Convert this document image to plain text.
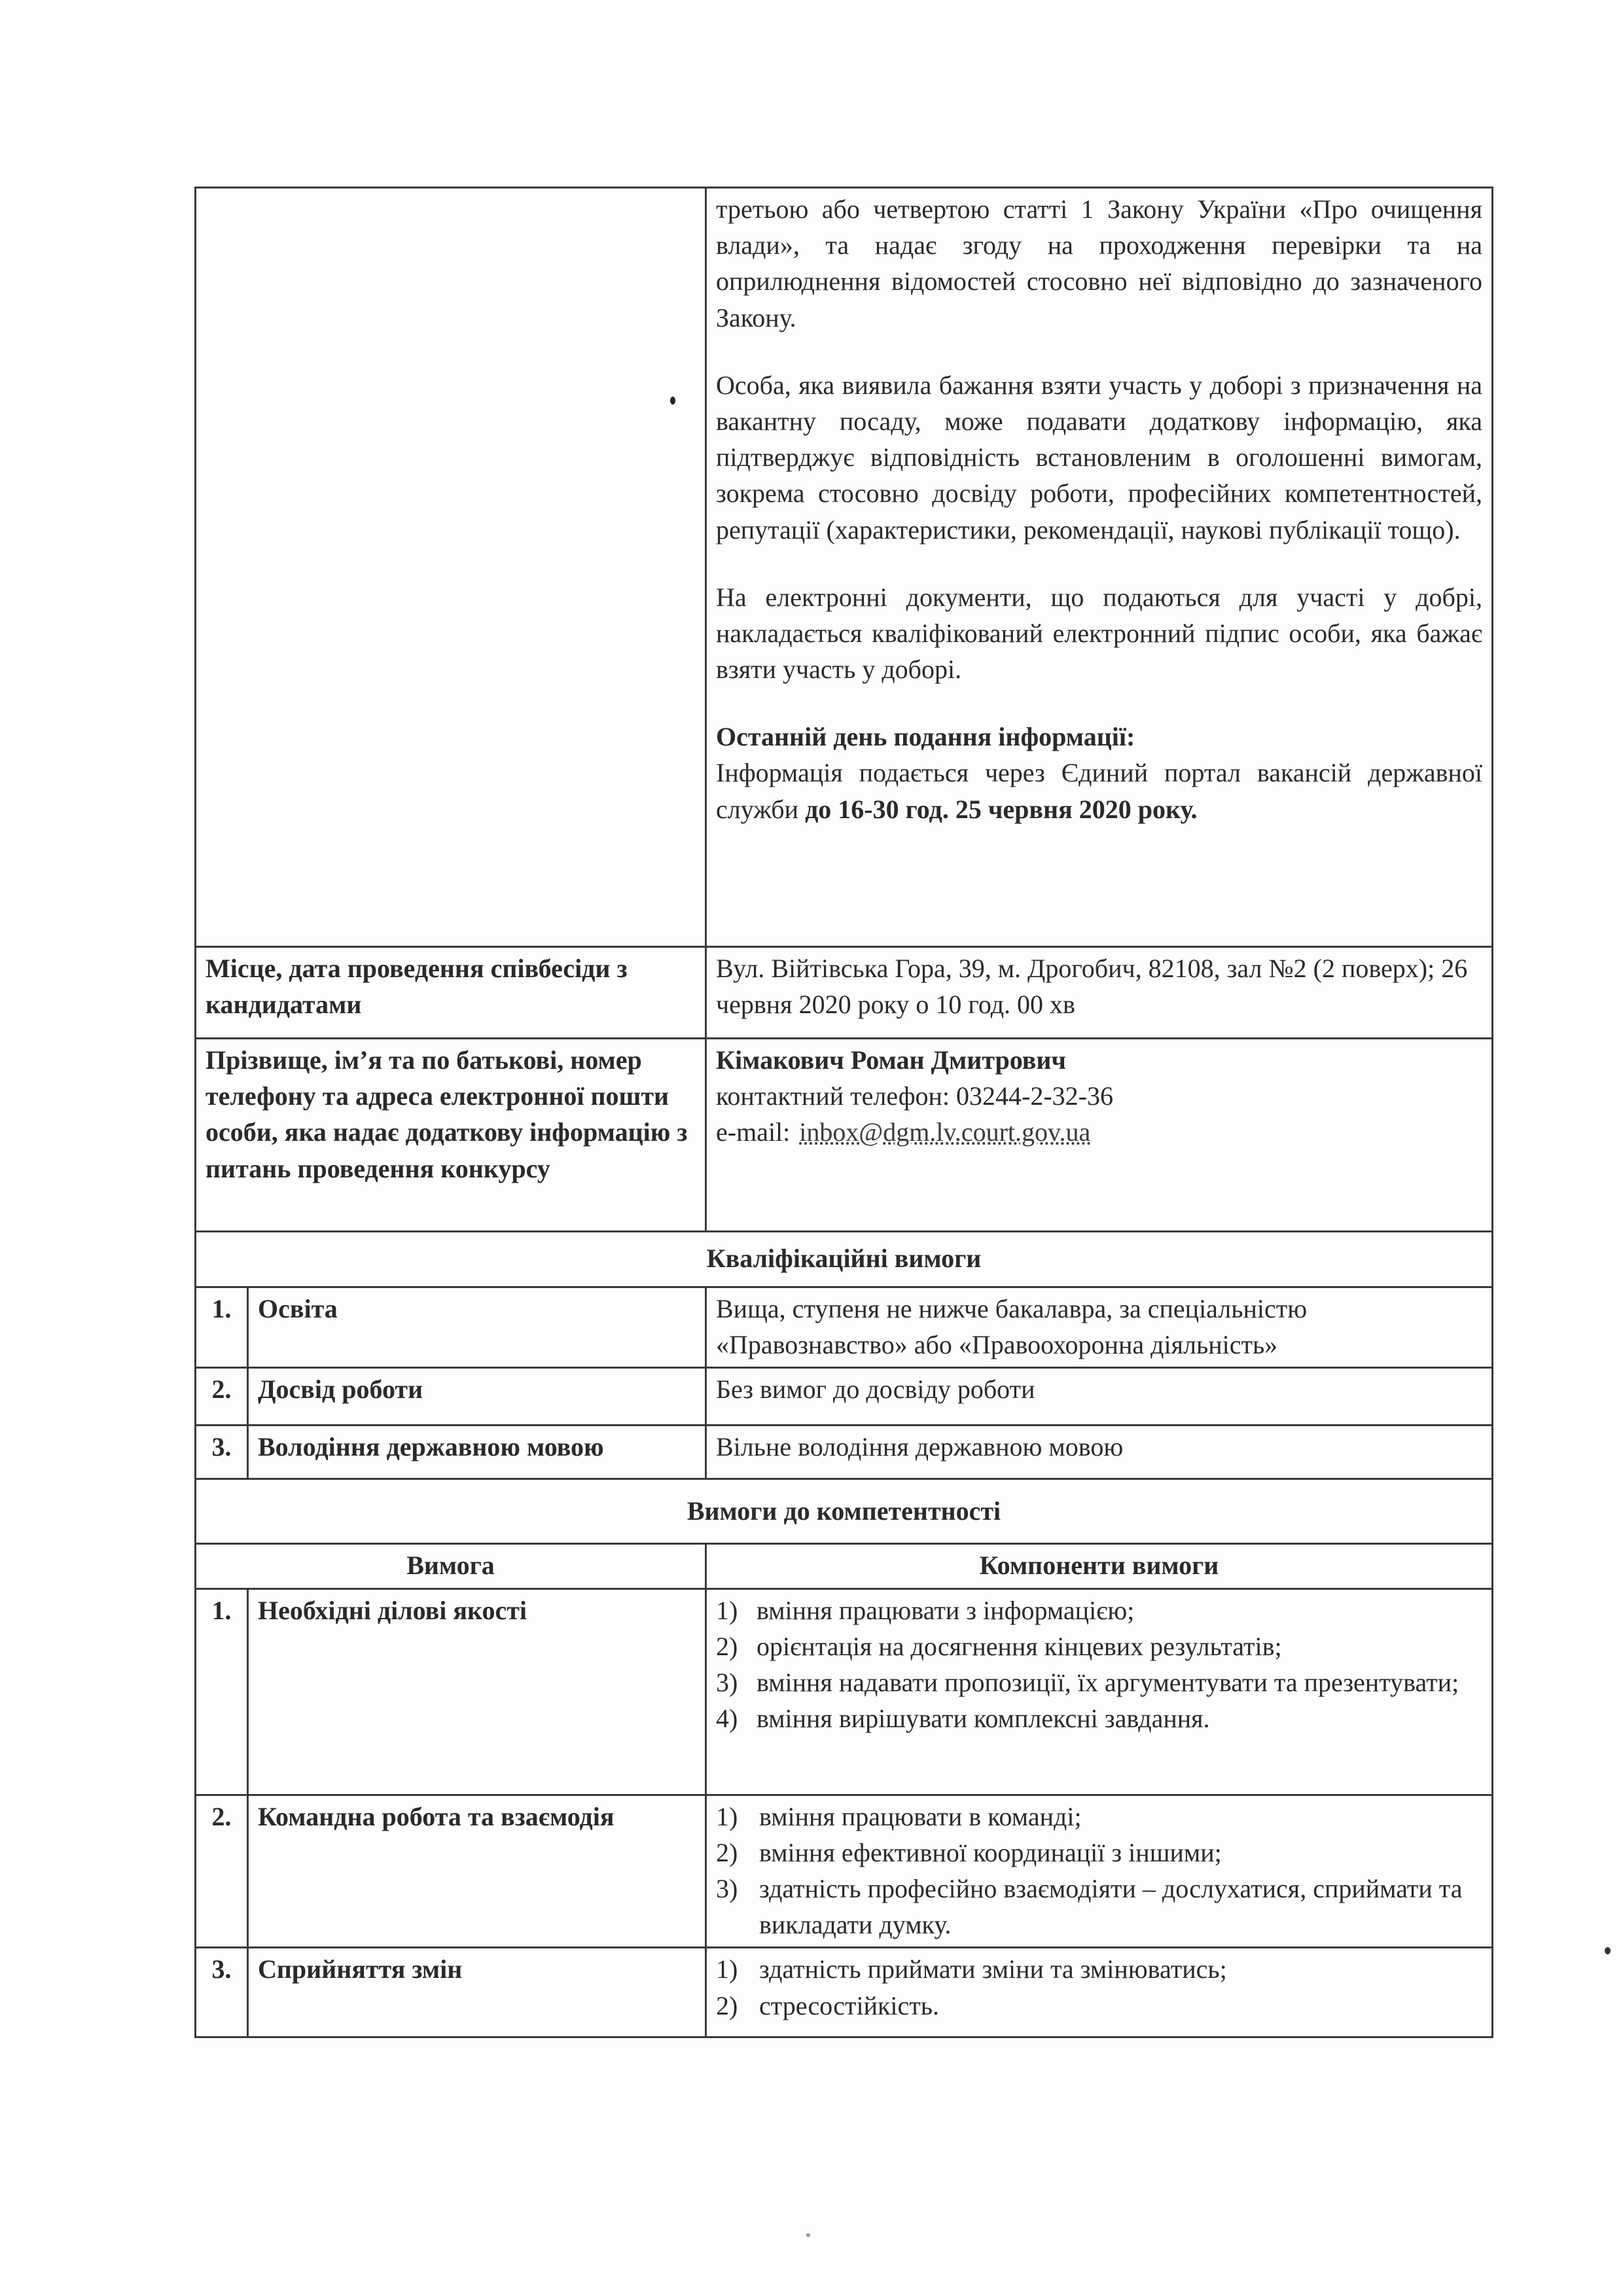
		третьою або четвертою статті 1 Закону України «Про очищення влади», та надає згоду на проходження перевірки та на оприлюднення відомостей стосовно неї відповідно до зазначеного Закону.

Особа, яка виявила бажання взяти участь у доборі з призначення на вакантну посаду, може подавати додаткову інформацію, яка підтверджує відповідність встановленим в оголошенні вимогам, зокрема стосовно досвіду роботи, професійних компетентностей, репутації (характеристики, рекомендації, наукові публікації тощо).

На електронні документи, що подаються для участі у добрі, накладається кваліфікований електронний підпис особи, яка бажає взяти участь у доборі.

Останній день подання інформації:
Інформація подається через Єдиний портал вакансій державної служби до 16-30 год. 25 червня 2020 року.

Місце, дата проведення співбесіди з кандидатами		Вул. Війтівська Гора, 39, м. Дрогобич, 82108, зал №2 (2 поверх); 26 червня 2020 року о 10 год. 00 хв
Прізвище, ім’я та по батькові, номер телефону та адреса електронної пошти особи, яка надає додаткову інформацію з питань проведення конкурсу		Кімакович Роман Дмитрович
контактний телефон: 03244-2-32-36
e-mail: inbox@dgm.lv.court.gov.ua

Кваліфікаційні вимоги		
1.	Освіта	Вища, ступеня не нижче бакалавра, за спеціальністю «Правознавство» або «Правоохоронна діяльність»
2.	Досвід роботи	Без вимог до досвіду роботи
3.	Володіння державною мовою	Вільне володіння державною мовою
Вимоги до компетентності		
Вимога		Компоненти вимоги
1.	Необхідні ділові якості	1) вміння працювати з інформацією;
2) орієнтація на досягнення кінцевих результатів;
3) вміння надавати пропозиції, їх аргументувати та презентувати;
4) вміння вирішувати комплексні завдання.

2.	Командна робота та взаємодія	1) вміння працювати в команді;
2) вміння ефективної координації з іншими;
3) здатність професійно взаємодіяти – дослухатися, сприймати та викладати думку.

3.	Сприйняття змін	1) здатність приймати зміни та змінюватись;
2) стресостійкість.
